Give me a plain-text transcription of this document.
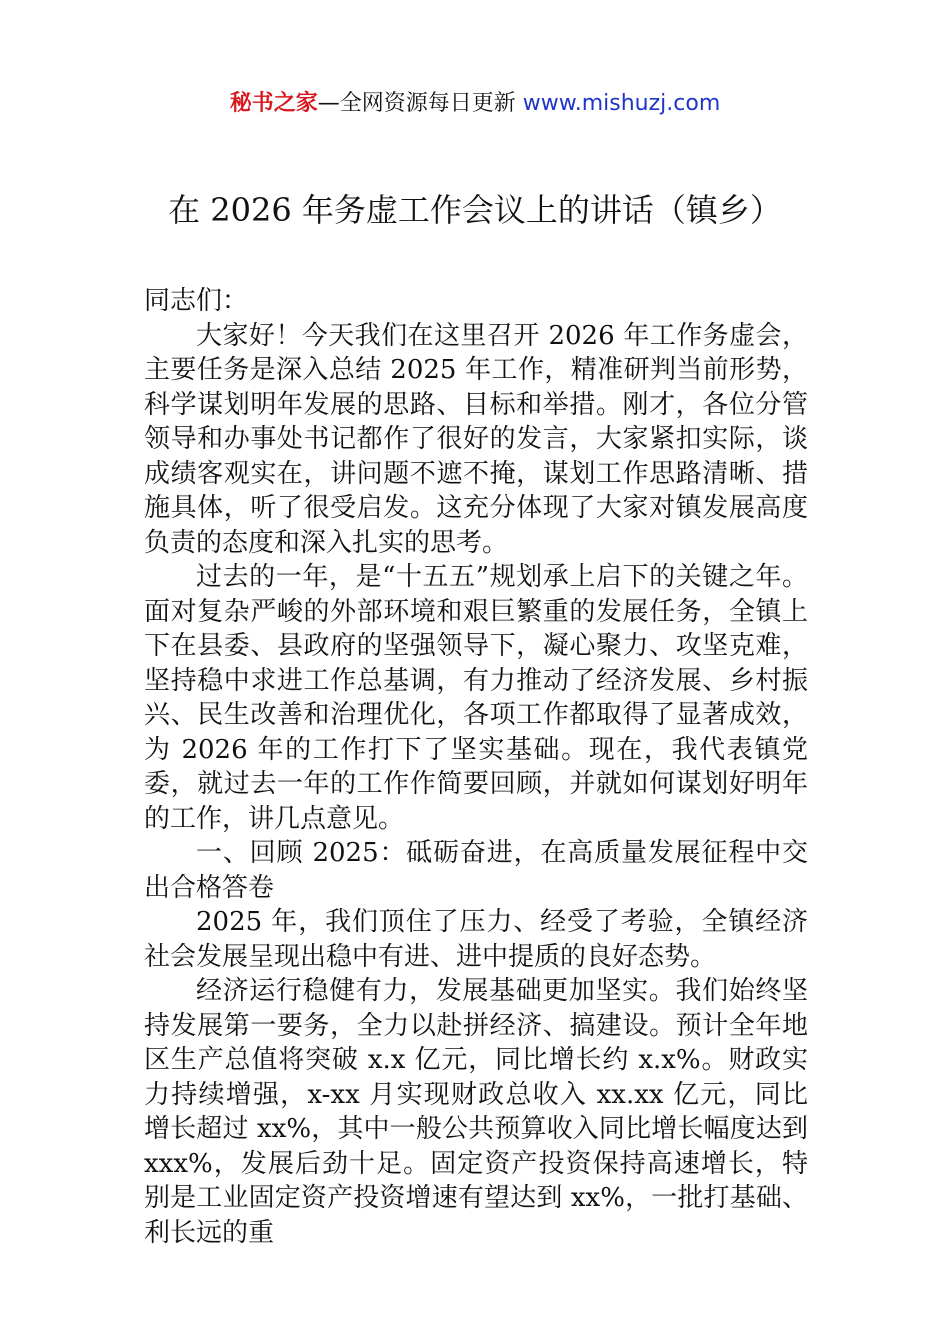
秘书之家—全网资源每日更新 www.mishuzj.com
在 2026 年务虚工作会议上的讲话（镇乡）

同志们：

大家好！今天我们在这里召开 2026 年工作务虚会，主要任务是深入总结 2025 年工作，精准研判当前形势，科学谋划明年发展的思路、目标和举措。刚才，各位分管领导和办事处书记都作了很好的发言，大家紧扣实际，谈成绩客观实在，讲问题不遮不掩，谋划工作思路清晰、措施具体，听了很受启发。这充分体现了大家对镇发展高度负责的态度和深入扎实的思考。

过去的一年，是“十五五”规划承上启下的关键之年。面对复杂严峻的外部环境和艰巨繁重的发展任务，全镇上下在县委、县政府的坚强领导下，凝心聚力、攻坚克难，坚持稳中求进工作总基调，有力推动了经济发展、乡村振兴、民生改善和治理优化，各项工作都取得了显著成效，为 2026 年的工作打下了坚实基础。现在，我代表镇党委，就过去一年的工作作简要回顾，并就如何谋划好明年的工作，讲几点意见。

一、回顾 2025：砥砺奋进，在高质量发展征程中交出合格答卷

2025 年，我们顶住了压力、经受了考验，全镇经济社会发展呈现出稳中有进、进中提质的良好态势。

经济运行稳健有力，发展基础更加坚实。我们始终坚持发展第一要务，全力以赴拼经济、搞建设。预计全年地区生产总值将突破 x.x 亿元，同比增长约 x.x%。财政实力持续增强，x-xx 月实现财政总收入 xx.xx 亿元，同比增长超过 xx%，其中一般公共预算收入同比增长幅度达到 xxx%，发展后劲十足。固定资产投资保持高速增长，特别是工业固定资产投资增速有望达到 xx%，一批打基础、利长远的重
